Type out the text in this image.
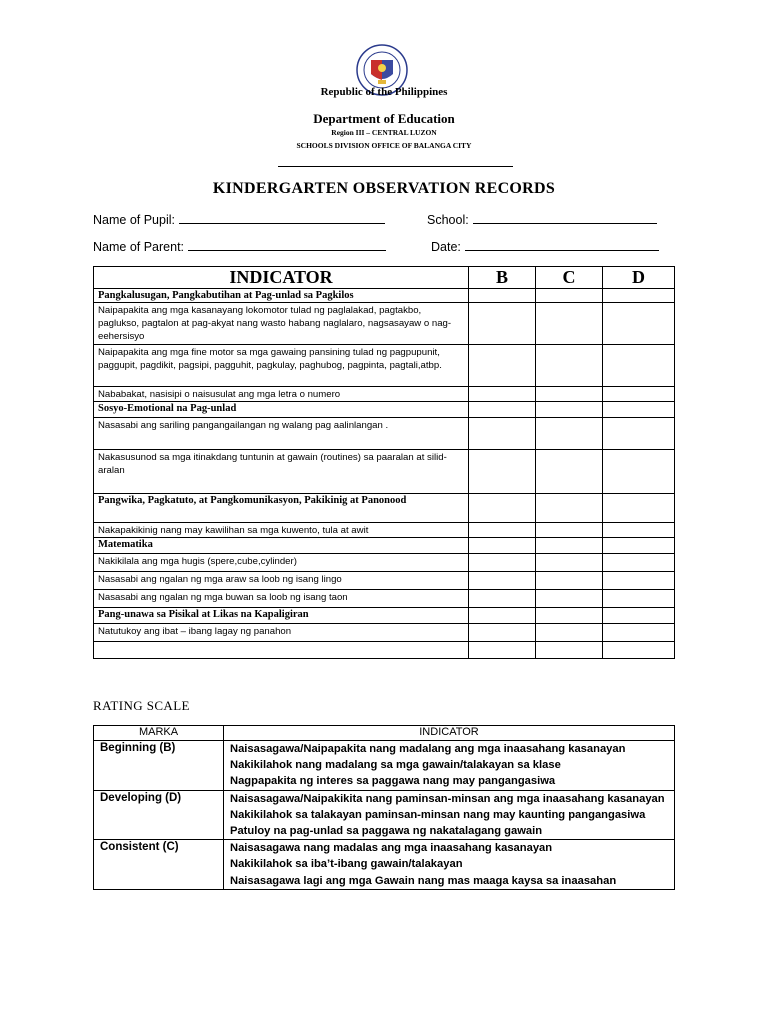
Republic of the Philippines
Department of Education
Region III – CENTRAL LUZON
SCHOOLS DIVISION OFFICE OF BALANGA CITY
KINDERGARTEN OBSERVATION RECORDS
Name of Pupil:	School:
Name of Parent:	Date:
INDICATOR	B	C	D
Pangkalusugan, Pangkabutihan at Pag-unlad sa Pagkilos			
Naipapakita ang mga kasanayang lokomotor tulad ng paglalakad, pagtakbo, paglukso, pagtalon at pag-akyat nang wasto habang naglalaro, nagsasayaw o nag-eehersisyo			
Naipapakita ang mga fine motor sa mga gawaing pansining tulad ng pagpupunit, paggupit, pagdikit, pagsipi, pagguhit, pagkulay, paghubog, pagpinta, pagtali,atbp.			
Nababakat, nasisipi o naisusulat ang mga letra o numero			
Sosyo-Emotional na Pag-unlad			
Nasasabi ang sariling pangangailangan ng walang pag aalinlangan .			
Nakasusunod sa mga itinakdang tuntunin at gawain (routines) sa paaralan at silid-aralan			
Pangwika, Pagkatuto, at Pangkomunikasyon, Pakikinig at Panonood			
Nakapakikinig nang may kawilihan sa mga kuwento, tula at awit			
Matematika			
Nakikilala ang mga hugis (spere,cube,cylinder)			
Nasasabi ang ngalan ng mga araw sa loob ng isang lingo			
Nasasabi ang ngalan ng mga buwan sa loob ng isang taon			
Pang-unawa sa Pisikal at Likas na Kapaligiran			
Natutukoy ang ibat – ibang lagay ng panahon			

RATING SCALE
MARKA	INDICATOR
Beginning (B)	Naisasagawa/Naipapakita nang madalang ang mga inaasahang kasanayan
Nakikilahok nang madalang sa mga gawain/talakayan sa klase
Nagpapakita ng interes sa paggawa nang may pangangasiwa

Developing (D)	Naisasagawa/Naipakikita nang paminsan-minsan ang mga inaasahang kasanayan
Nakikilahok sa talakayan paminsan-minsan nang may kaunting pangangasiwa
Patuloy na pag-unlad sa paggawa ng nakatalagang gawain

Consistent (C)	Naisasagawa nang madalas ang mga inaasahang kasanayan
Nakikilahok sa iba’t-ibang gawain/talakayan
Naisasagawa lagi ang mga Gawain nang mas maaga kaysa sa inaasahan
